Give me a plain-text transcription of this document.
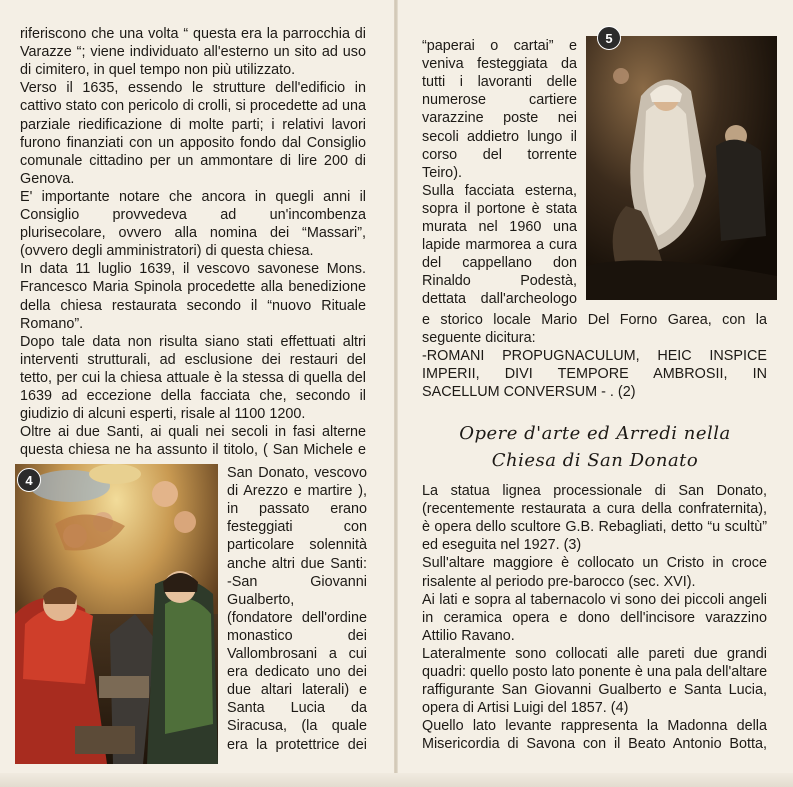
riferiscono che una volta “ questa era la parrocchia di
Varazze “; viene individuato all'esterno un sito ad uso
di cimitero, in quel tempo non più utilizzato.
Verso il 1635, essendo le strutture dell'edificio in
cattivo stato con pericolo di crolli, si procedette ad una
parziale riedificazione di molte parti; i relativi lavori
furono finanziati con un apposito fondo dal Consiglio
comunale cittadino per un ammontare di lire 200 di
Genova.
E' importante notare che ancora in quegli anni il
Consiglio provvedeva ad un'incombenza
plurisecolare, ovvero alla nomina dei “Massari”,
(ovvero degli amministratori) di questa chiesa.
In data 11 luglio 1639, il vescovo savonese Mons.
Francesco Maria Spinola procedette alla benedizione
della chiesa restaurata secondo il “nuovo Rituale
Romano”.
Dopo tale data non risulta siano stati effettuati altri
interventi strutturali, ad esclusione dei restauri del
tetto, per cui la chiesa attuale è la stessa di quella del
1639 ad eccezione della facciata che, secondo il
giudizio di alcuni esperti, risale al 1100 1200.
Oltre ai due Santi, ai quali nei secoli in fasi alterne
questa chiesa ne ha assunto il titolo, ( San Michele e
San Donato, vescovo
di Arezzo e martire ),
in passato erano
festeggiati con
particolare solennità
anche altri due Santi:
-San Giovanni
Gualberto,
(fondatore dell'ordine
monastico dei
Vallombrosani a cui
era dedicato uno dei
due altari laterali) e
Santa Lucia da
Siracusa, (la quale
era la protettrice dei
4
5
“paperai o cartai” e
veniva festeggiata da
tutti i lavoranti delle
numerose cartiere
varazzine poste nei
secoli addietro lungo il
corso del torrente
Teiro).
Sulla facciata esterna,
sopra il portone è stata
murata nel 1960 una
lapide marmorea a cura
del cappellano don
Rinaldo Podestà,
dettata dall'archeologo
e storico locale Mario Del Forno Garea, con la
seguente dicitura:
-ROMANI PROPUGNACULUM, HEIC INSPICE
IMPERII, DIVI TEMPORE AMBROSII, IN
SACELLUM CONVERSUM - . (2)
Opere d'arte ed Arredi nella
Chiesa di San Donato
La statua lignea processionale di San Donato,
(recentemente restaurata a cura della confraternita),
è opera dello scultore G.B. Rebagliati, detto “u scultù”
ed eseguita nel 1927. (3)
Sull'altare maggiore è collocato un Cristo in croce
risalente al periodo pre-barocco (sec. XVI).
Ai lati e sopra al tabernacolo vi sono dei piccoli angeli
in ceramica opera e dono dell'incisore varazzino
Attilio Ravano.
Lateralmente sono collocati alle pareti due grandi
quadri: quello posto lato ponente è una pala dell'altare
raffigurante San Giovanni Gualberto e Santa Lucia,
opera di Artisi Luigi del 1857. (4)
Quello lato levante rappresenta la Madonna della
Misericordia di Savona con il Beato Antonio Botta,
